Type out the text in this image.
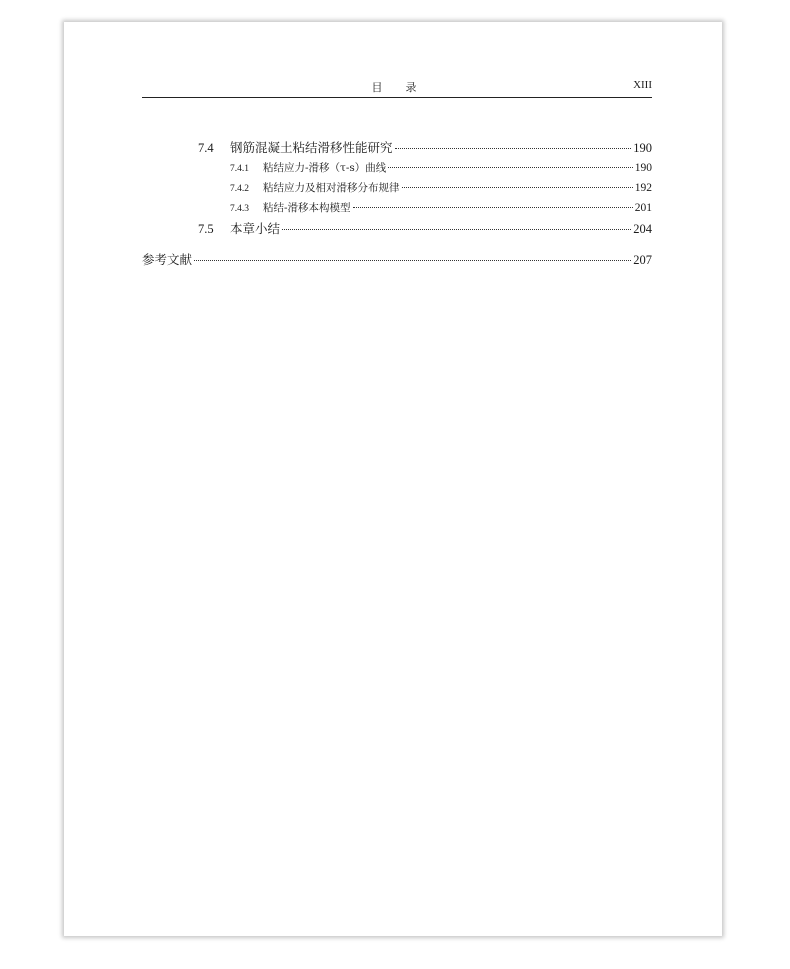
目　录	XIII
7.4	钢筋混凝土粘结滑移性能研究	190
7.4.1	粘结应力-滑移（τ-s）曲线	190
7.4.2	粘结应力及相对滑移分布规律	192
7.4.3	粘结-滑移本构模型	201
7.5	本章小结	204
参考文献	207
